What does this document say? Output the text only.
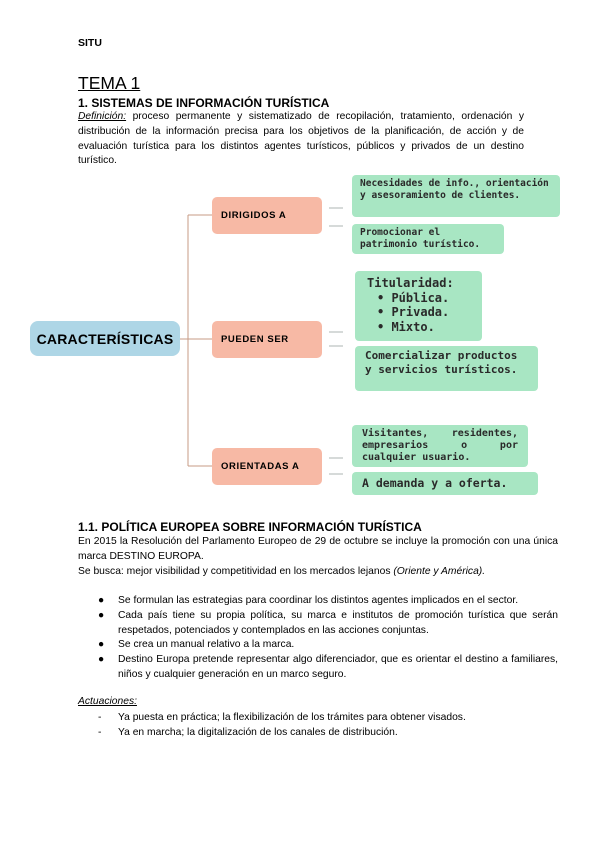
SITU
TEMA 1
1. SISTEMAS DE INFORMACIÓN TURÍSTICA
Definición: proceso permanente y sistematizado de recopilación, tratamiento, ordenación y distribución de la información precisa para los objetivos de la planificación, de acción y de evaluación turística para los distintos agentes turísticos, públicos y privados de un destino turístico.
CARACTERÍSTICAS
DIRIGIDOS A
PUEDEN SER
ORIENTADAS A
Necesidades de info., orientación y asesoramiento de clientes.
Promocionar el patrimonio turístico.
Titularidad:
• Pública.
• Privada.
• Mixto.
Comercializar productos y servicios turísticos.
Visitantes, residentes, empresarios o por cualquier usuario.
A demanda y a oferta.
1.1. POLÍTICA EUROPEA SOBRE INFORMACIÓN TURÍSTICA
En 2015 la Resolución del Parlamento Europeo de 29 de octubre se incluye la promoción con una única marca DESTINO EUROPA.
Se busca: mejor visibilidad y competitividad en los mercados lejanos (Oriente y América).
● Se formulan las estrategias para coordinar los distintos agentes implicados en el sector.
● Cada país tiene su propia política, su marca e institutos de promoción turística que serán respetados, potenciados y contemplados en las acciones conjuntas.
● Se crea un manual relativo a la marca.
● Destino Europa pretende representar algo diferenciador, que es orientar el destino a familiares, niños y cualquier generación en un marco seguro.
Actuaciones:
- Ya puesta en práctica; la flexibilización de los trámites para obtener visados.
- Ya en marcha; la digitalización de los canales de distribución.
